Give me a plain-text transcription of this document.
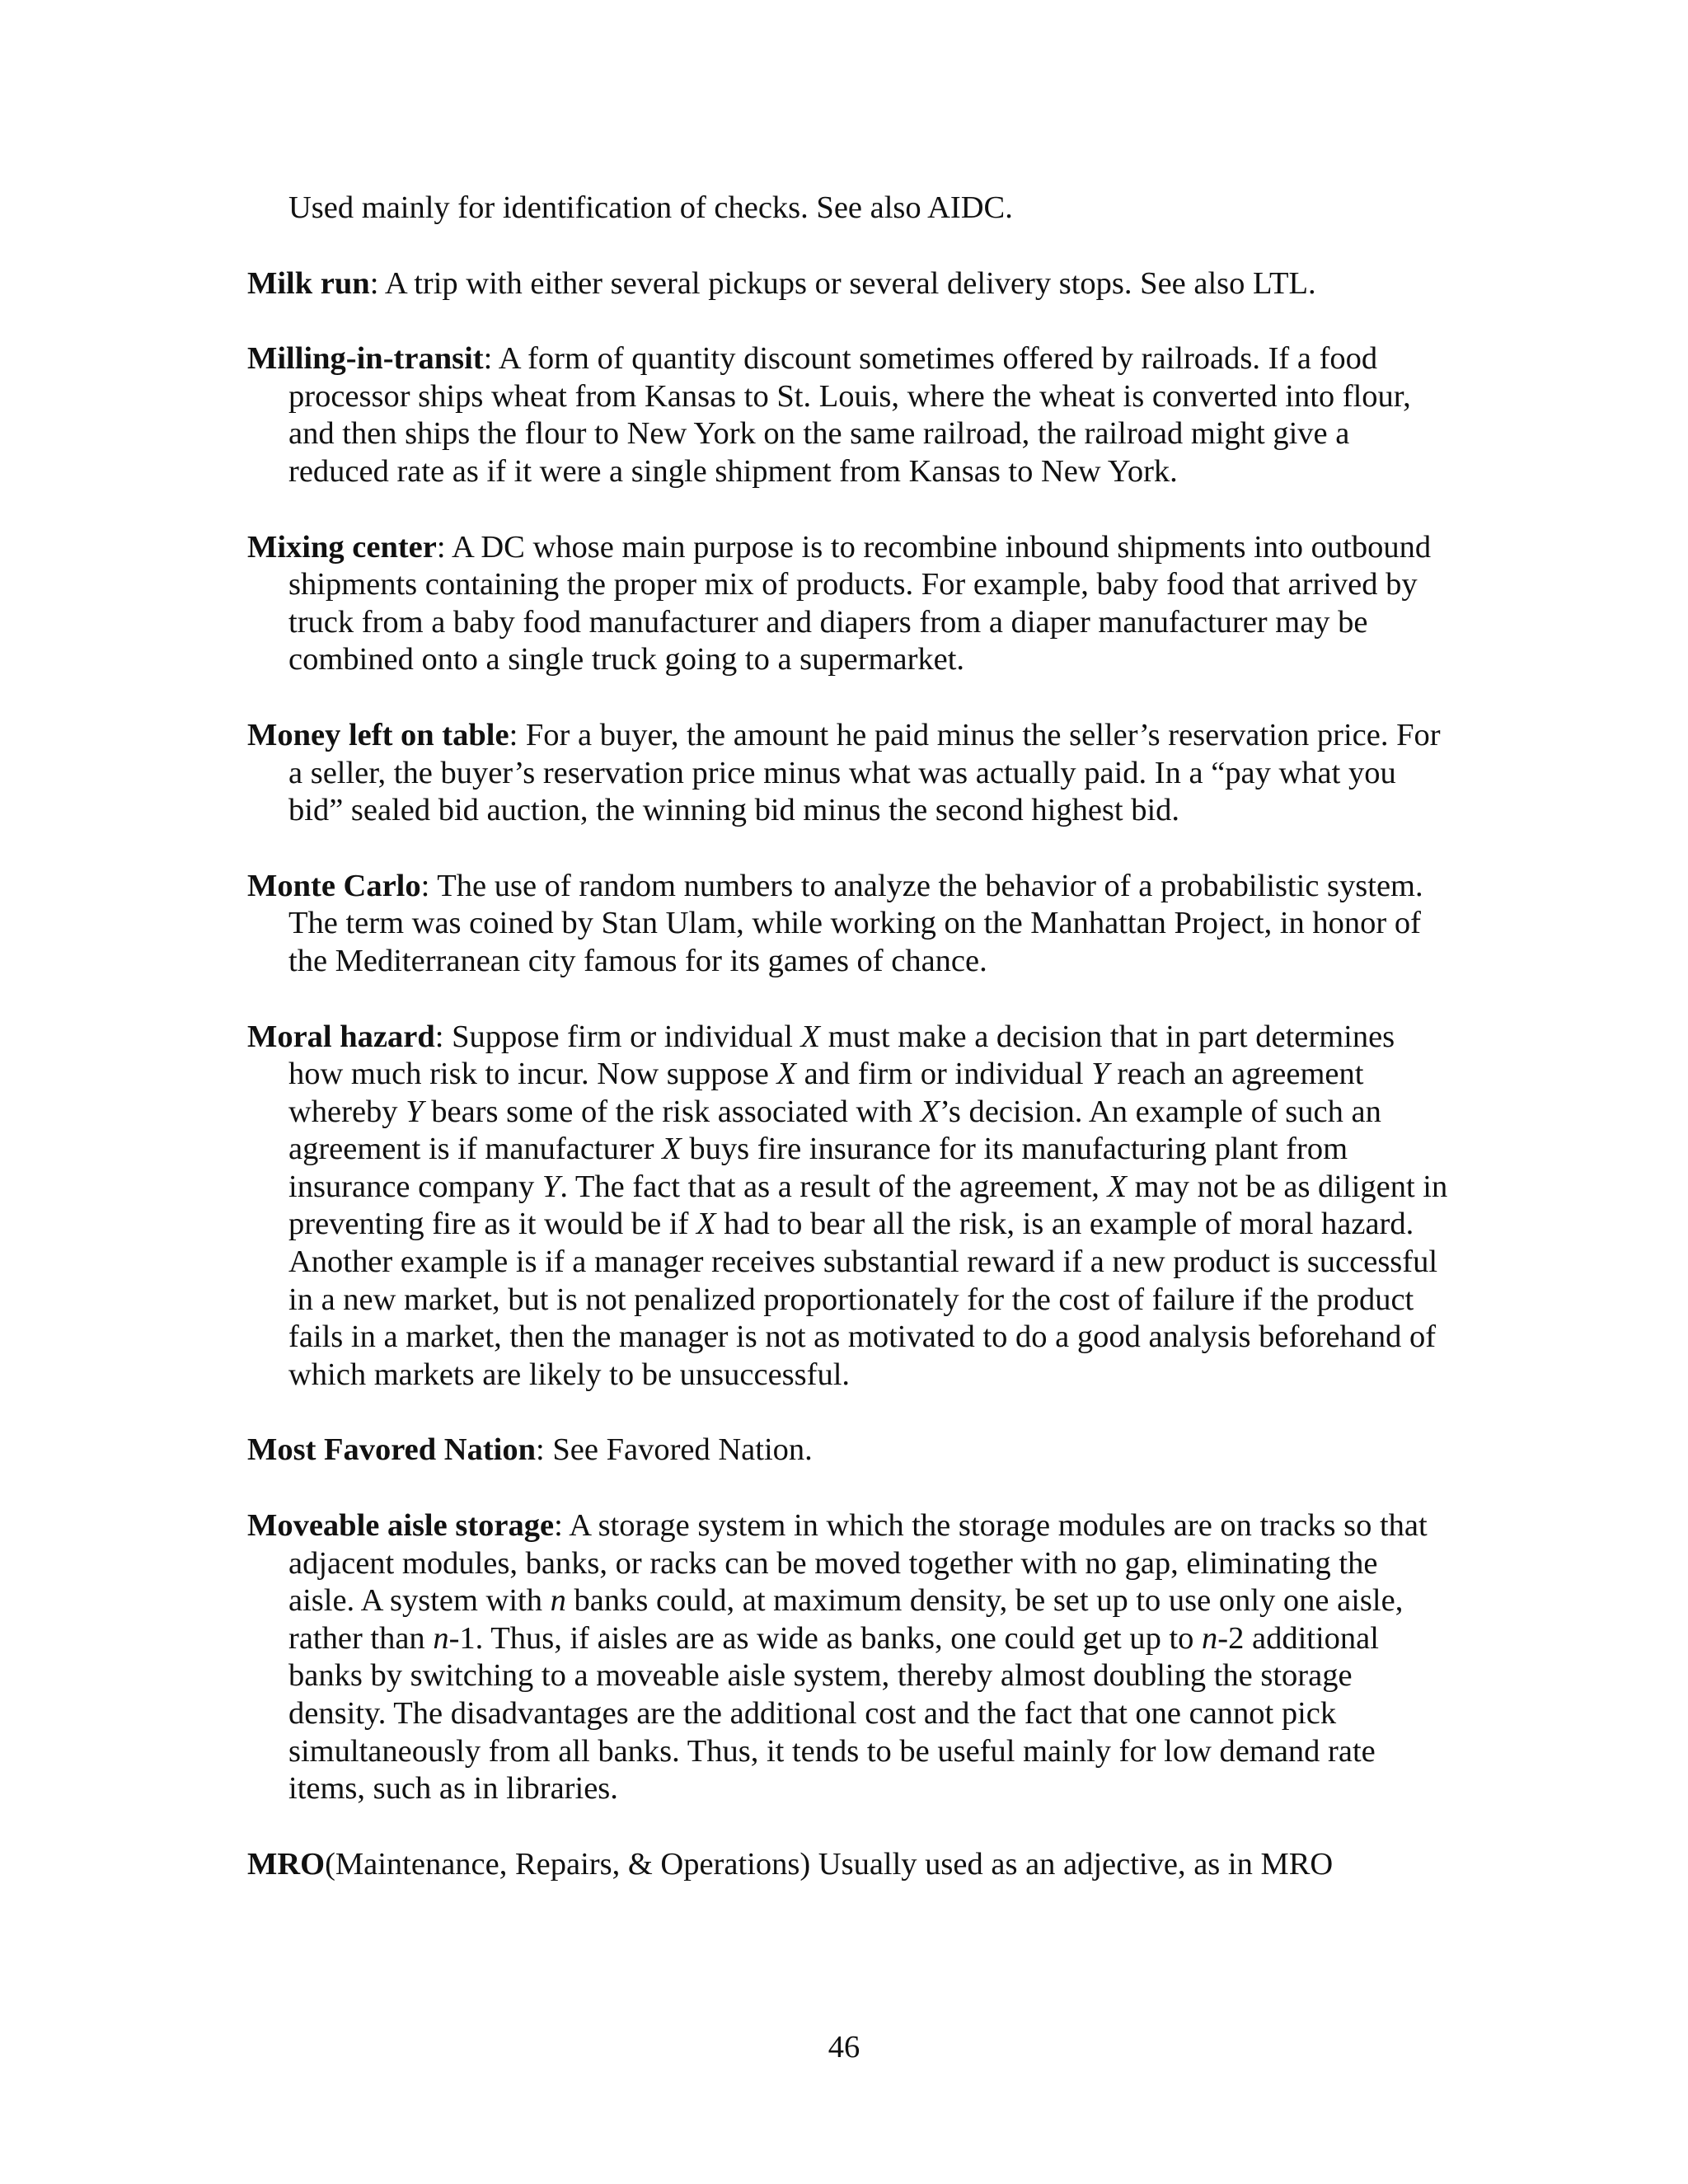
Used mainly for identification of checks. See also AIDC.

Milk run: A trip with either several pickups or several delivery stops. See also LTL.

Milling-in-transit: A form of quantity discount sometimes offered by railroads. If a food processor ships wheat from Kansas to St. Louis, where the wheat is converted into flour, and then ships the flour to New York on the same railroad, the railroad might give a reduced rate as if it were a single shipment from Kansas to New York.

Mixing center: A DC whose main purpose is to recombine inbound shipments into outbound shipments containing the proper mix of products. For example, baby food that arrived by truck from a baby food manufacturer and diapers from a diaper manufacturer may be combined onto a single truck going to a supermarket.

Money left on table: For a buyer, the amount he paid minus the seller’s reservation price. For a seller, the buyer’s reservation price minus what was actually paid. In a “pay what you bid” sealed bid auction, the winning bid minus the second highest bid.

Monte Carlo: The use of random numbers to analyze the behavior of a probabilistic system. The term was coined by Stan Ulam, while working on the Manhattan Project, in honor of the Mediterranean city famous for its games of chance.

Moral hazard: Suppose firm or individual X must make a decision that in part determines how much risk to incur. Now suppose X and firm or individual Y reach an agreement whereby Y bears some of the risk associated with X’s decision. An example of such an agreement is if manufacturer X buys fire insurance for its manufacturing plant from insurance company Y. The fact that as a result of the agreement, X may not be as diligent in preventing fire as it would be if X had to bear all the risk, is an example of moral hazard. Another example is if a manager receives substantial reward if a new product is successful in a new market, but is not penalized proportionately for the cost of failure if the product fails in a market, then the manager is not as motivated to do a good analysis beforehand of which markets are likely to be unsuccessful.

Most Favored Nation: See Favored Nation.

Moveable aisle storage: A storage system in which the storage modules are on tracks so that adjacent modules, banks, or racks can be moved together with no gap, eliminating the aisle. A system with n banks could, at maximum density, be set up to use only one aisle, rather than n-1. Thus, if aisles are as wide as banks, one could get up to n-2 additional banks by switching to a moveable aisle system, thereby almost doubling the storage density. The disadvantages are the additional cost and the fact that one cannot pick simultaneously from all banks. Thus, it tends to be useful mainly for low demand rate items, such as in libraries.

MRO(Maintenance, Repairs, & Operations) Usually used as an adjective, as in MRO

46
